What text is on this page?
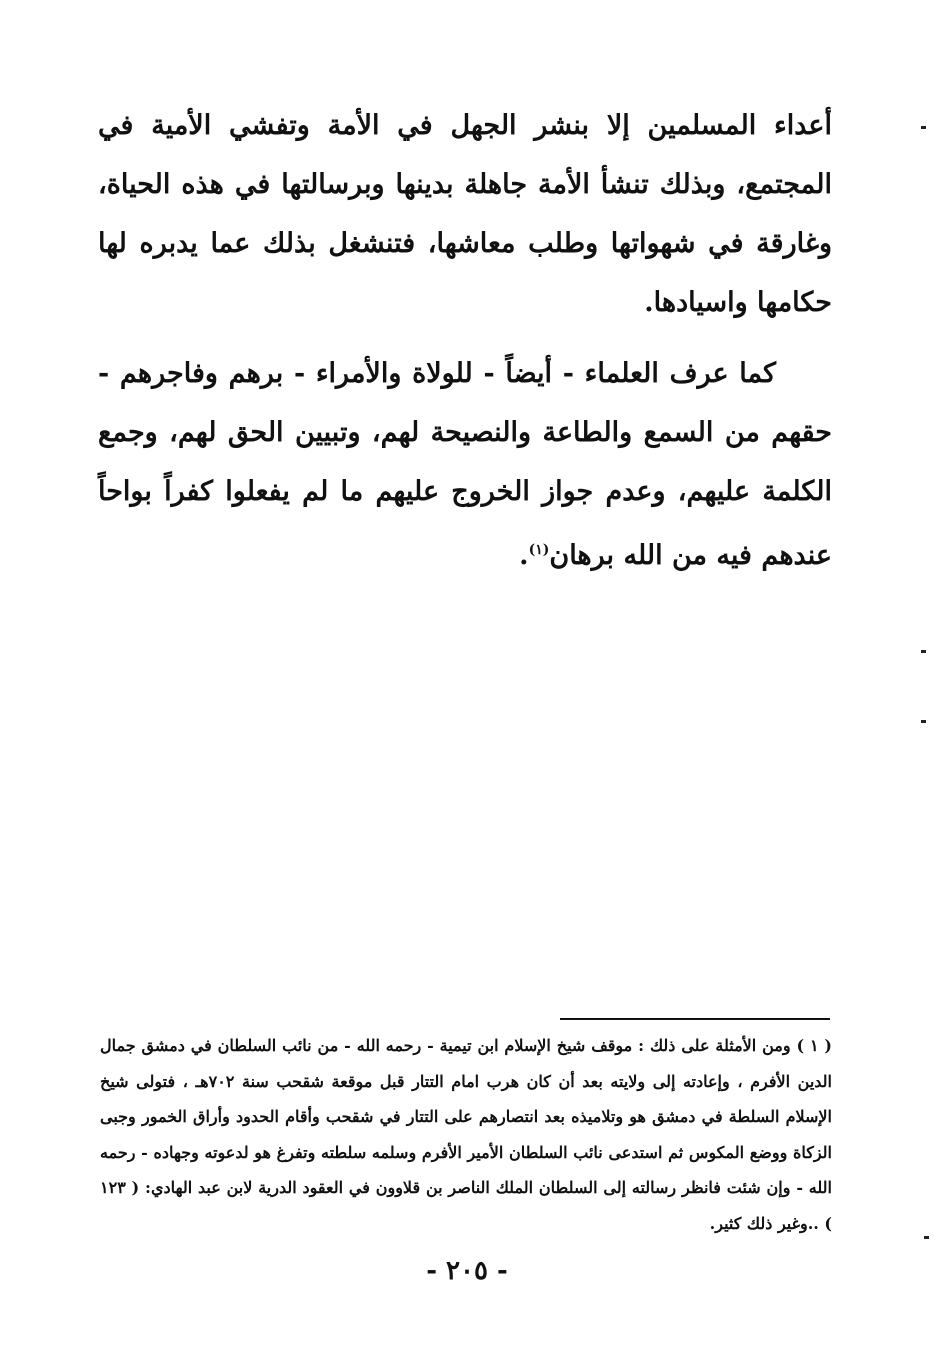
أعداء المسلمين إلا بنشر الجهل في الأمة وتفشي الأمية في المجتمع، وبذلك تنشأ الأمة جاهلة بدينها وبرسالتها في هذه الحياة، وغارقة في شهواتها وطلب معاشها، فتنشغل بذلك عما يدبره لها حكامها واسيادها.

كما عرف العلماء - أيضاً - للولاة والأمراء - برهم وفاجرهم - حقهم من السمع والطاعة والنصيحة لهم، وتبيين الحق لهم، وجمع الكلمة عليهم، وعدم جواز الخروج عليهم ما لم يفعلوا كفراً بواحاً عندهم فيه من الله برهان$^{(١)}$.

( ١ ) ومن الأمثلة على ذلك : موقف شيخ الإسلام ابن تيمية - رحمه الله - من نائب السلطان في دمشق جمال الدين الأفرم ، وإعادته إلى ولايته بعد أن كان هرب امام التتار قبل موقعة شقحب سنة ٧٠٢هـ ، فتولى شيخ الإسلام السلطة في دمشق هو وتلاميذه بعد انتصارهم على التتار في شقحب وأقام الحدود وأراق الخمور وجبى الزكاة ووضع المكوس ثم استدعى نائب السلطان الأمير الأفرم وسلمه سلطته وتفرغ هو لدعوته وجهاده - رحمه الله - وإن شئت فانظر رسالته إلى السلطان الملك الناصر بن قلاوون في العقود الدرية لابن عبد الهادي: ( ١٢٣ ) ..وغير ذلك كثير.

- ٢٠٥ -
